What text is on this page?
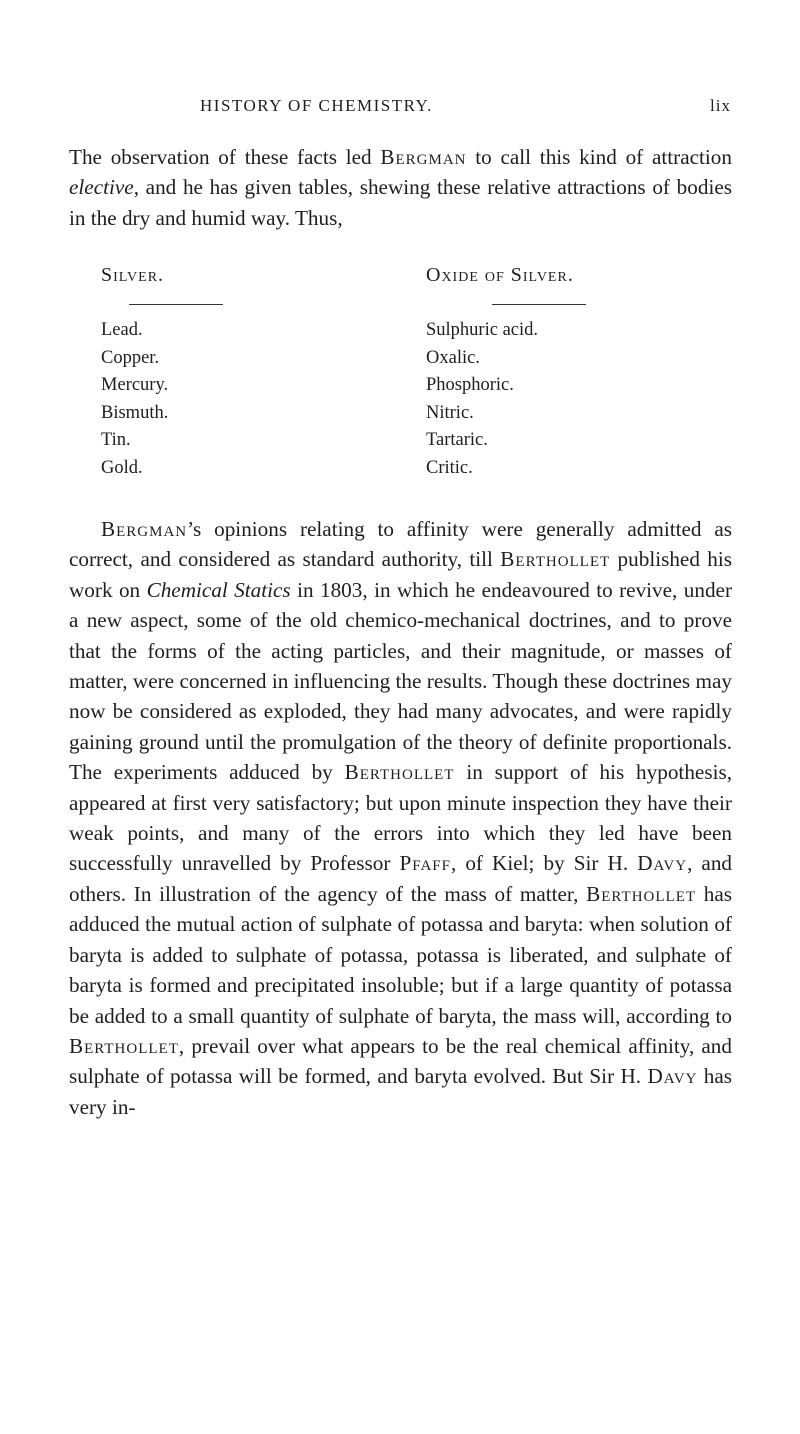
HISTORY OF CHEMISTRY.	lix

The observation of these facts led Bergman to call this kind of attraction elective, and he has given tables, shewing these relative attractions of bodies in the dry and humid way. Thus,

Silver.
Lead.
Copper.
Mercury.
Bismuth.
Tin.
Gold.
Oxide of Silver.
Sulphuric acid.
Oxalic.
Phosphoric.
Nitric.
Tartaric.
Critic.

Bergman’s opinions relating to affinity were generally admitted as correct, and considered as standard authority, till Berthollet published his work on Chemical Statics in 1803, in which he endeavoured to revive, under a new aspect, some of the old chemico-mechanical doctrines, and to prove that the forms of the acting particles, and their magnitude, or masses of matter, were concerned in influencing the results. Though these doctrines may now be considered as exploded, they had many advocates, and were rapidly gaining ground until the promulgation of the theory of definite proportionals. The experiments adduced by Berthollet in support of his hypothesis, appeared at first very satisfactory; but upon minute inspection they have their weak points, and many of the errors into which they led have been successfully unravelled by Professor Pfaff, of Kiel; by Sir H. Davy, and others. In illustration of the agency of the mass of matter, Berthollet has adduced the mutual action of sulphate of potassa and baryta: when solution of baryta is added to sulphate of potassa, potassa is liberated, and sulphate of baryta is formed and precipitated insoluble; but if a large quantity of potassa be added to a small quantity of sulphate of baryta, the mass will, according to Berthollet, prevail over what appears to be the real chemical affinity, and sulphate of potassa will be formed, and baryta evolved. But Sir H. Davy has very in-
